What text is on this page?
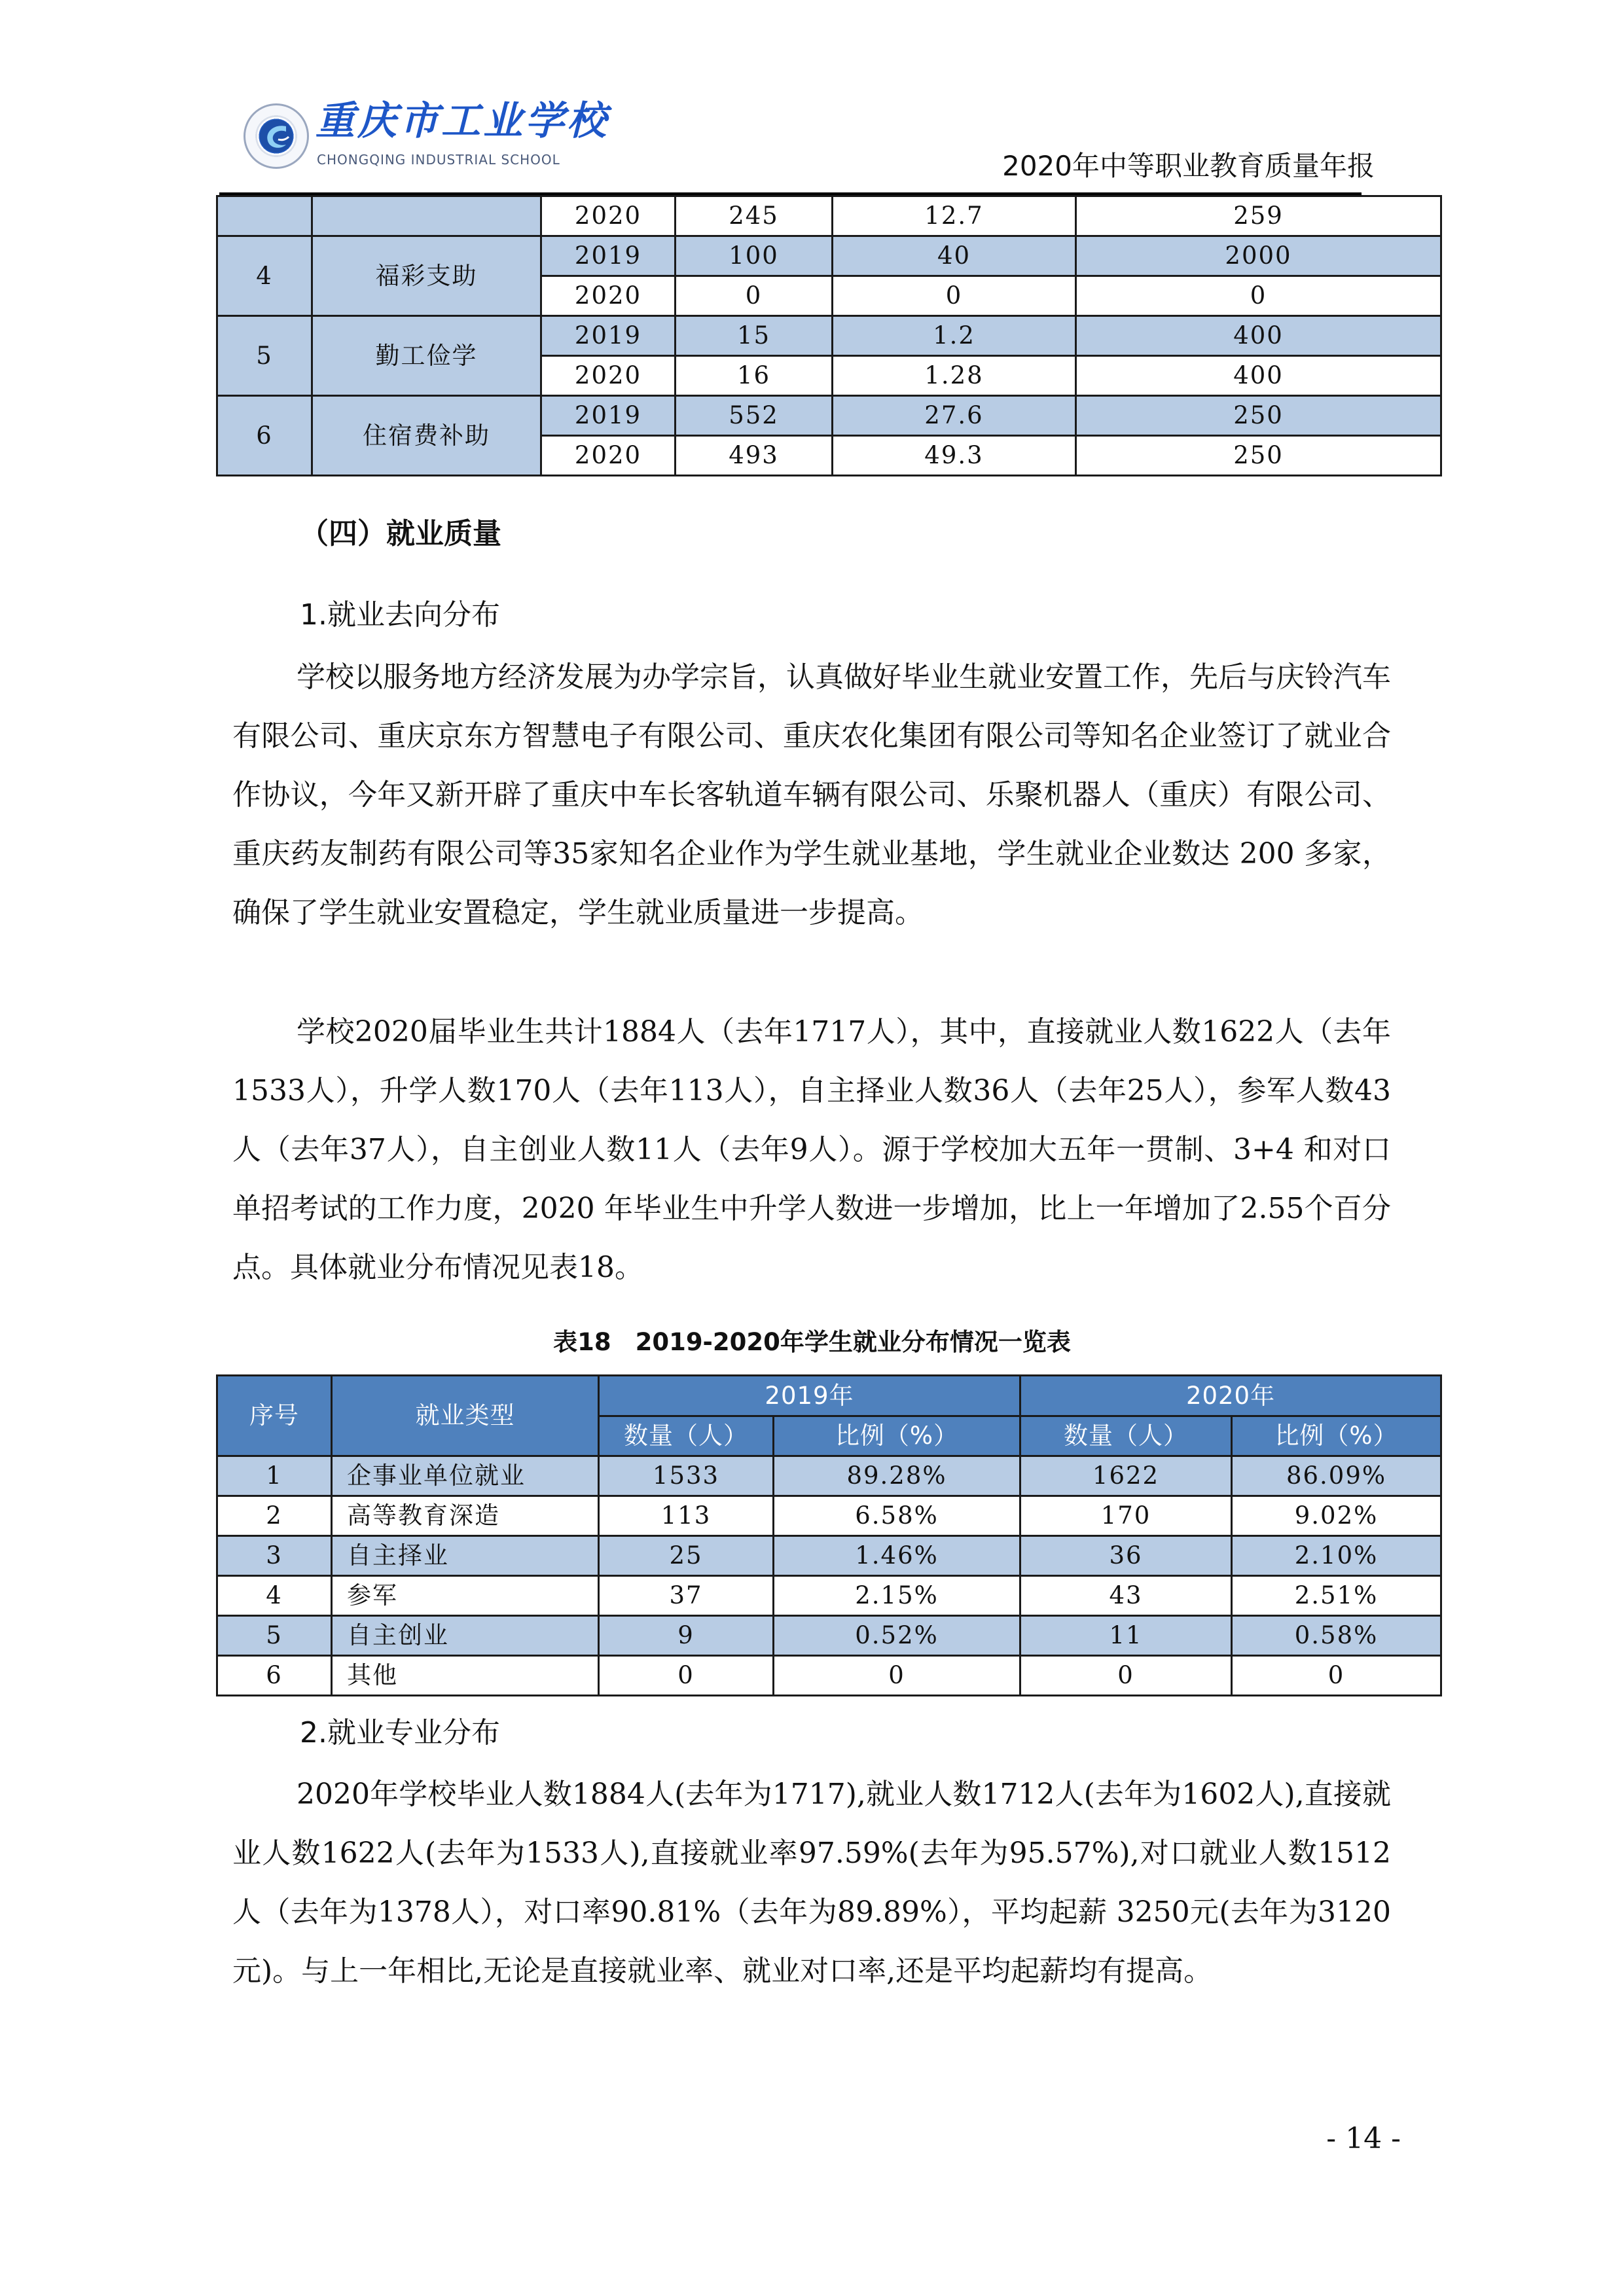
重庆市工业学校
CHONGQING INDUSTRIAL SCHOOL	2020年中等职业教育质量年报
		2020	245	12.7	259
4	福彩支助	2019	100	40	2000
		2020	0	0	0
5	勤工俭学	2019	15	1.2	400
		2020	16	1.28	400
6	住宿费补助	2019	552	27.6	250
		2020	493	49.3	250
（四）就业质量
1.就业去向分布
学校以服务地方经济发展为办学宗旨，认真做好毕业生就业安置工作，先后与庆铃汽车有限公司、重庆京东方智慧电子有限公司、重庆农化集团有限公司等知名企业签订了就业合作协议，今年又新开辟了重庆中车长客轨道车辆有限公司、乐聚机器人（重庆）有限公司、重庆药友制药有限公司等35家知名企业作为学生就业基地，学生就业企业数达 200 多家，确保了学生就业安置稳定，学生就业质量进一步提高。
学校2020届毕业生共计1884人（去年1717人），其中，直接就业人数1622人（去年1533人），升学人数170人（去年113人），自主择业人数36人（去年25人），参军人数43人（去年37人），自主创业人数11人（去年9人）。源于学校加大五年一贯制、3+4 和对口单招考试的工作力度，2020 年毕业生中升学人数进一步增加，比上一年增加了2.55个百分点。具体就业分布情况见表18。
表18　2019-2020年学生就业分布情况一览表
序号	就业类型	2019年		2020年	
		数量（人）	比例（%）	数量（人）	比例（%）
1	企事业单位就业	1533	89.28%	1622	86.09%
2	高等教育深造	113	6.58%	170	9.02%
3	自主择业	25	1.46%	36	2.10%
4	参军	37	2.15%	43	2.51%
5	自主创业	9	0.52%	11	0.58%
6	其他	0	0	0	0
2.就业专业分布
2020年学校毕业人数1884人(去年为1717),就业人数1712人(去年为1602人),直接就业人数1622人(去年为1533人),直接就业率97.59%(去年为95.57%),对口就业人数1512人（去年为1378人），对口率90.81%（去年为89.89%），平均起薪 3250元(去年为3120元)。与上一年相比,无论是直接就业率、就业对口率,还是平均起薪均有提高。
- 14 -
